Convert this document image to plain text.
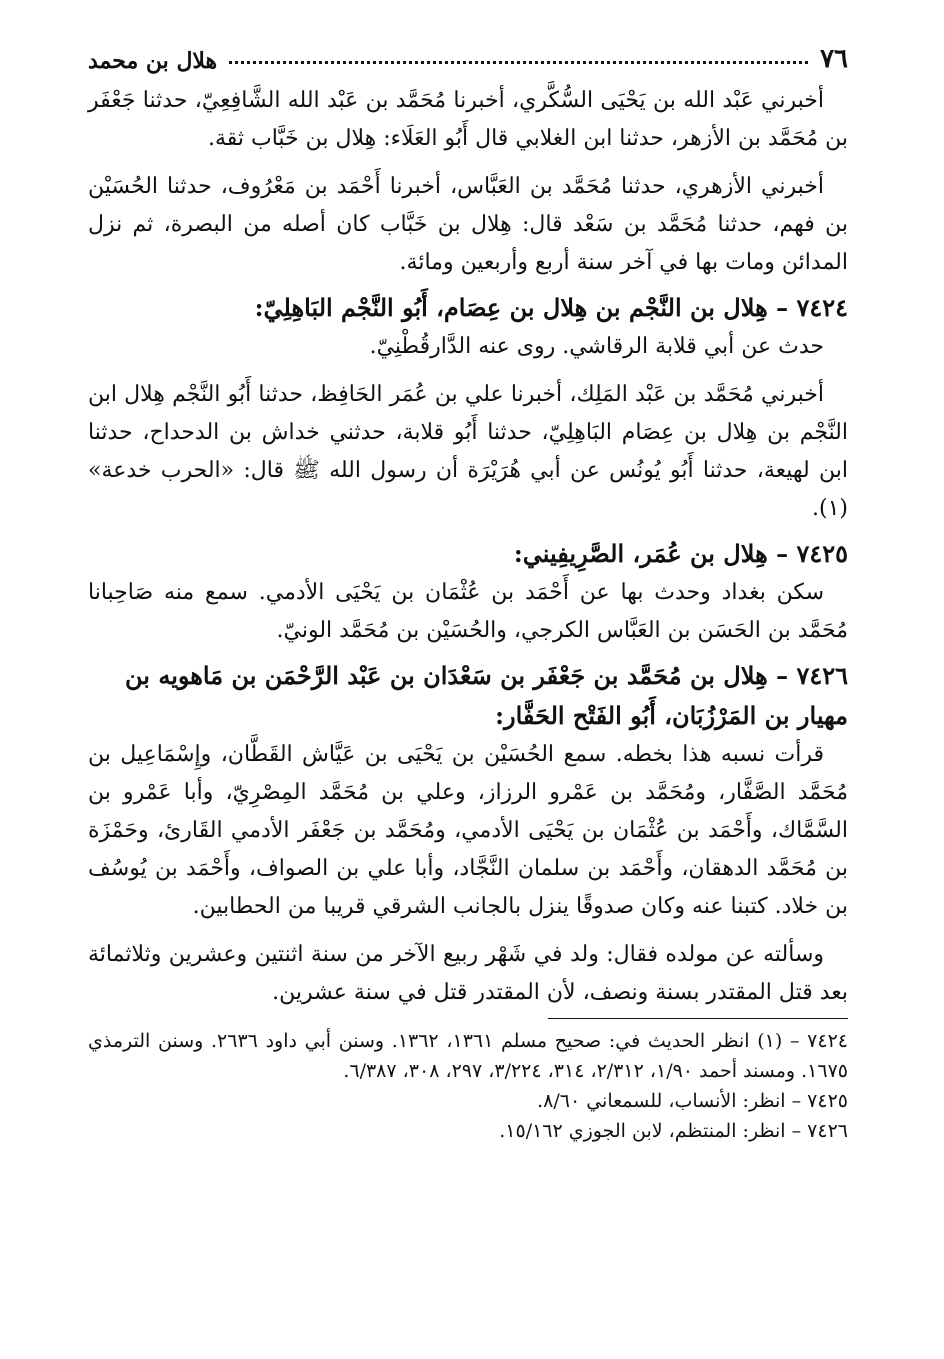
٧٦
هلال بن محمد

أخبرني عَبْد الله بن يَحْيَى السُّكَّري، أخبرنا مُحَمَّد بن عَبْد الله الشَّافِعِيّ، حدثنا جَعْفَر بن مُحَمَّد بن الأزهر، حدثنا ابن الغلابي قال أَبُو العَلَاء: هِلال بن خَبَّاب ثقة.

أخبرني الأزهري، حدثنا مُحَمَّد بن العَبَّاس، أخبرنا أَحْمَد بن مَعْرُوف، حدثنا الحُسَيْن بن فهم، حدثنا مُحَمَّد بن سَعْد قال: هِلال بن خَبَّاب كان أصله من البصرة، ثم نزل المدائن ومات بها في آخر سنة أربع وأربعين ومائة.

٧٤٢٤ – هِلال بن النَّجْم بن هِلال بن عِصَام، أَبُو النَّجْم البَاهِلِيّ:

حدث عن أبي قلابة الرقاشي. روى عنه الدَّارقُطْنِيّ.

أخبرني مُحَمَّد بن عَبْد المَلِك، أخبرنا علي بن عُمَر الحَافِظ، حدثنا أَبُو النَّجْم هِلال ابن النَّجْم بن هِلال بن عِصَام البَاهِلِيّ، حدثنا أَبُو قلابة، حدثني خداش بن الدحداح، حدثنا ابن لهيعة، حدثنا أَبُو يُونُس عن أبي هُرَيْرَة أن رسول الله ﷺ قال: «الحرب خدعة» (١).

٧٤٢٥ – هِلال بن عُمَر، الصَّرِيفِيني:

سكن بغداد وحدث بها عن أَحْمَد بن عُثْمَان بن يَحْيَى الأدمي. سمع منه صَاحِبانا مُحَمَّد بن الحَسَن بن العَبَّاس الكرجي، والحُسَيْن بن مُحَمَّد الونيّ.

٧٤٢٦ – هِلال بن مُحَمَّد بن جَعْفَر بن سَعْدَان بن عَبْد الرَّحْمَن بن مَاهويه بن مهيار بن المَرْزُبَان، أَبُو الفَتْح الحَفَّار:

قرأت نسبه هذا بخطه. سمع الحُسَيْن بن يَحْيَى بن عَيَّاش القَطَّان، وإِسْمَاعِيل بن مُحَمَّد الصَّفَّار، ومُحَمَّد بن عَمْرو الرزاز، وعلي بن مُحَمَّد المِصْرِيّ، وأبا عَمْرو بن السَّمَّاك، وأَحْمَد بن عُثْمَان بن يَحْيَى الأدمي، ومُحَمَّد بن جَعْفَر الأدمي القَارئ، وحَمْزَة بن مُحَمَّد الدهقان، وأَحْمَد بن سلمان النَّجَّاد، وأبا علي بن الصواف، وأَحْمَد بن يُوسُف بن خلاد. كتبنا عنه وكان صدوقًا ينزل بالجانب الشرقي قريبا من الحطابين.

وسألته عن مولده فقال: ولد في شَهْر ربيع الآخر من سنة اثنتين وعشرين وثلاثمائة بعد قتل المقتدر بسنة ونصف، لأن المقتدر قتل في سنة عشرين.

٧٤٢٤ – (١) انظر الحديث في: صحيح مسلم ١٣٦١، ١٣٦٢. وسنن أبي داود ٢٦٣٦. وسنن الترمذي ١٦٧٥. ومسند أحمد ١/٩٠، ٢/٣١٢، ٣١٤، ٣/٢٢٤، ٢٩٧، ٣٠٨، ٦/٣٨٧.

٧٤٢٥ – انظر: الأنساب، للسمعاني ٨/٦٠.

٧٤٢٦ – انظر: المنتظم، لابن الجوزي ١٥/١٦٢.
